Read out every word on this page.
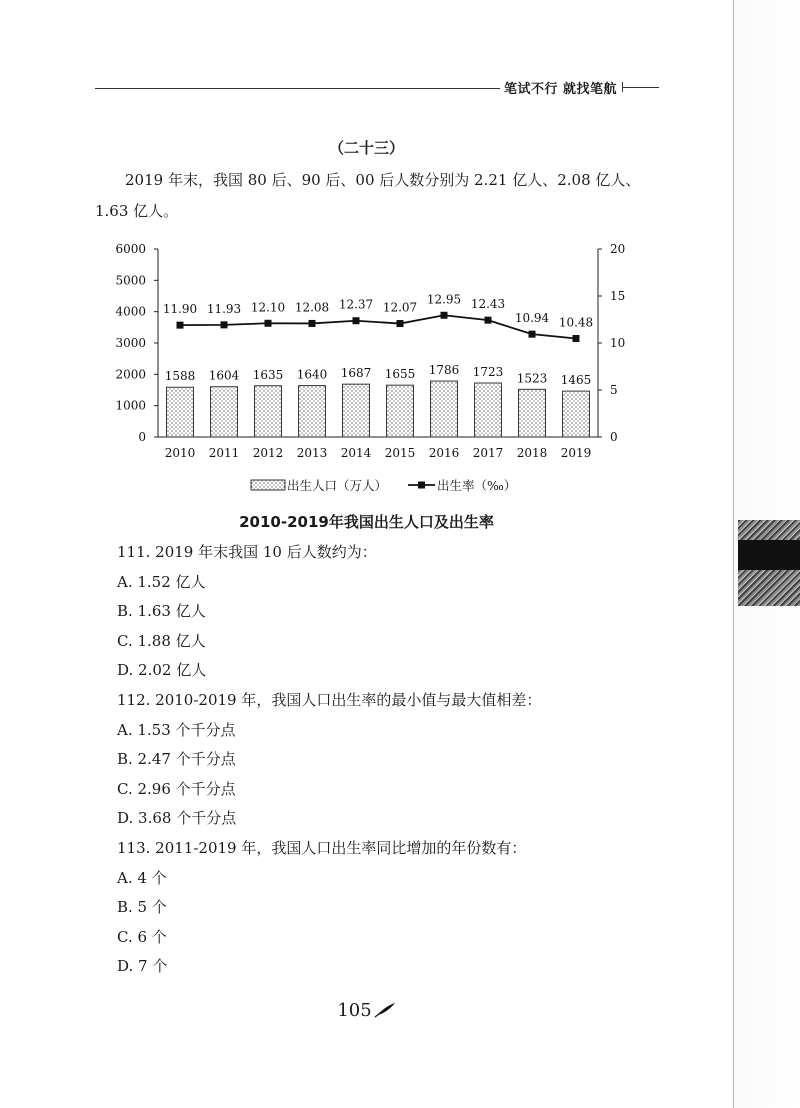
笔试不行 就找笔航
（二十三）
2019 年末，我国 80 后、90 后、00 后人数分别为 2.21 亿人、2.08 亿人、1.63 亿人。
0
1000
2000
3000
4000
5000
6000
0
5
10
15
20
1588 1604 1635 1640 1687 1655 1786 1723 1523 1465
11.90 11.93 12.10 12.08 12.37 12.07
12.95 12.43
10.94 10.48
2010 2011 2012 2013 2014 2015 2016 2017 2018 2019
出生人口（万人）	出生率（‰）
2010-2019年我国出生人口及出生率
111. 2019 年末我国 10 后人数约为：
A. 1.52 亿人
B. 1.63 亿人
C. 1.88 亿人
D. 2.02 亿人
112. 2010-2019 年，我国人口出生率的最小值与最大值相差：
A. 1.53 个千分点
B. 2.47 个千分点
C. 2.96 个千分点
D. 3.68 个千分点
113. 2011-2019 年，我国人口出生率同比增加的年份数有：
A. 4 个
B. 5 个
C. 6 个
D. 7 个
105
